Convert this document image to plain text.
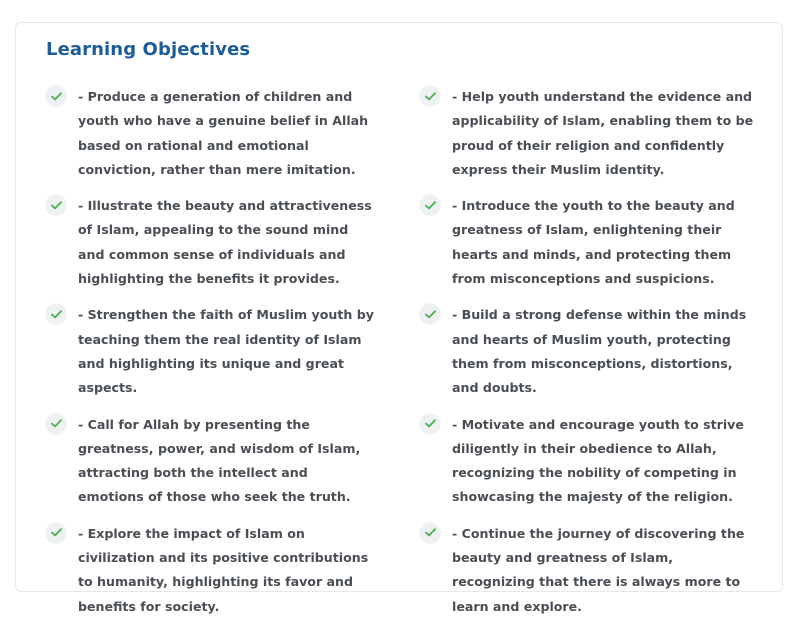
Learning Objectives
- Produce a generation of children and youth who have a genuine belief in Allah based on rational and emotional conviction, rather than mere imitation.
- Help youth understand the evidence and applicability of Islam, enabling them to be proud of their religion and confidently express their Muslim identity.
- Illustrate the beauty and attractiveness of Islam, appealing to the sound mind and common sense of individuals and highlighting the benefits it provides.
- Introduce the youth to the beauty and greatness of Islam, enlightening their hearts and minds, and protecting them from misconceptions and suspicions.
- Strengthen the faith of Muslim youth by teaching them the real identity of Islam and highlighting its unique and great aspects.
- Build a strong defense within the minds and hearts of Muslim youth, protecting them from misconceptions, distortions, and doubts.
- Call for Allah by presenting the greatness, power, and wisdom of Islam, attracting both the intellect and emotions of those who seek the truth.
- Motivate and encourage youth to strive diligently in their obedience to Allah, recognizing the nobility of competing in showcasing the majesty of the religion.
- Explore the impact of Islam on civilization and its positive contributions to humanity, highlighting its favor and benefits for society.
- Continue the journey of discovering the beauty and greatness of Islam, recognizing that there is always more to learn and explore.
